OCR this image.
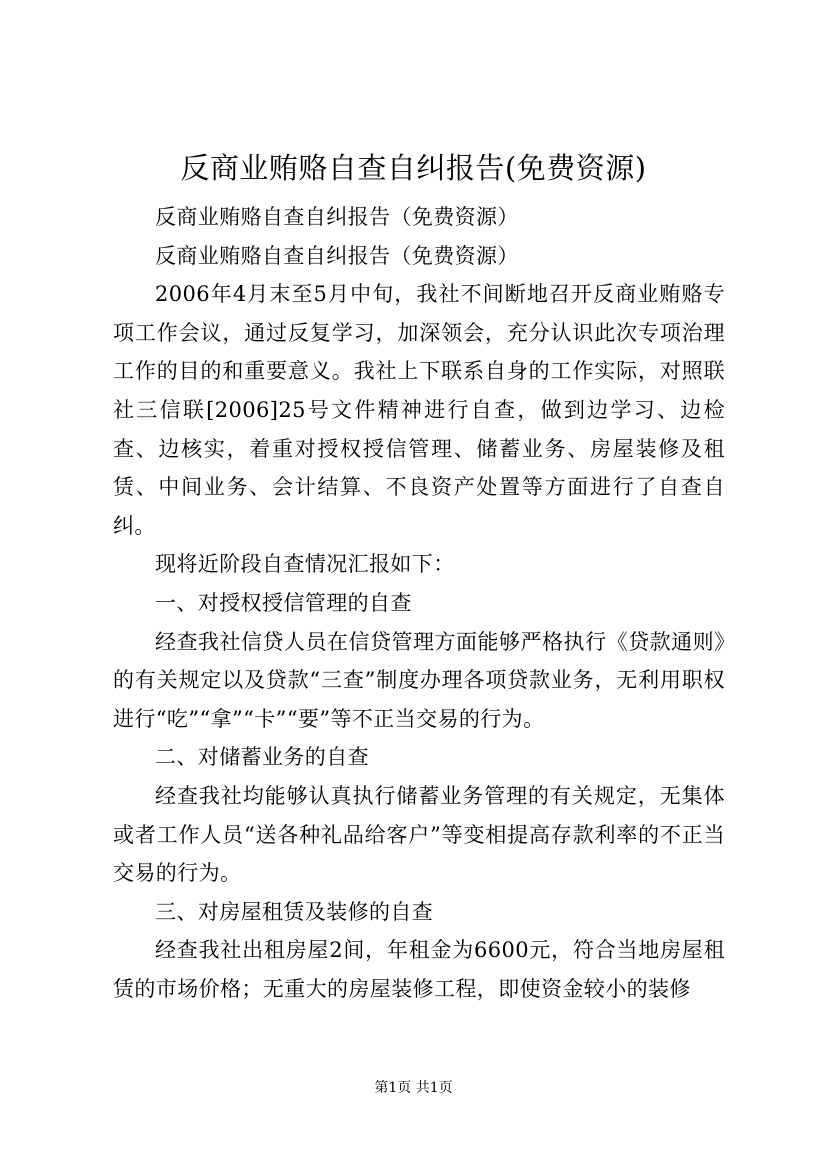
反商业贿赂自查自纠报告(免费资源)

反商业贿赂自查自纠报告（免费资源）

反商业贿赂自查自纠报告（免费资源）

2006年4月末至5月中旬，我社不间断地召开反商业贿赂专项工作会议，通过反复学习，加深领会，充分认识此次专项治理工作的目的和重要意义。我社上下联系自身的工作实际，对照联社三信联[2006]25号文件精神进行自查，做到边学习、边检查、边核实，着重对授权授信管理、储蓄业务、房屋装修及租赁、中间业务、会计结算、不良资产处置等方面进行了自查自纠。

现将近阶段自查情况汇报如下：

一、对授权授信管理的自查

经查我社信贷人员在信贷管理方面能够严格执行《贷款通则》的有关规定以及贷款“三查”制度办理各项贷款业务，无利用职权进行“吃”“拿”“卡”“要”等不正当交易的行为。

二、对储蓄业务的自查

经查我社均能够认真执行储蓄业务管理的有关规定，无集体或者工作人员“送各种礼品给客户”等变相提高存款利率的不正当交易的行为。

三、对房屋租赁及装修的自查

经查我社出租房屋2间，年租金为6600元，符合当地房屋租赁的市场价格；无重大的房屋装修工程，即使资金较小的装修

第1页 共1页
